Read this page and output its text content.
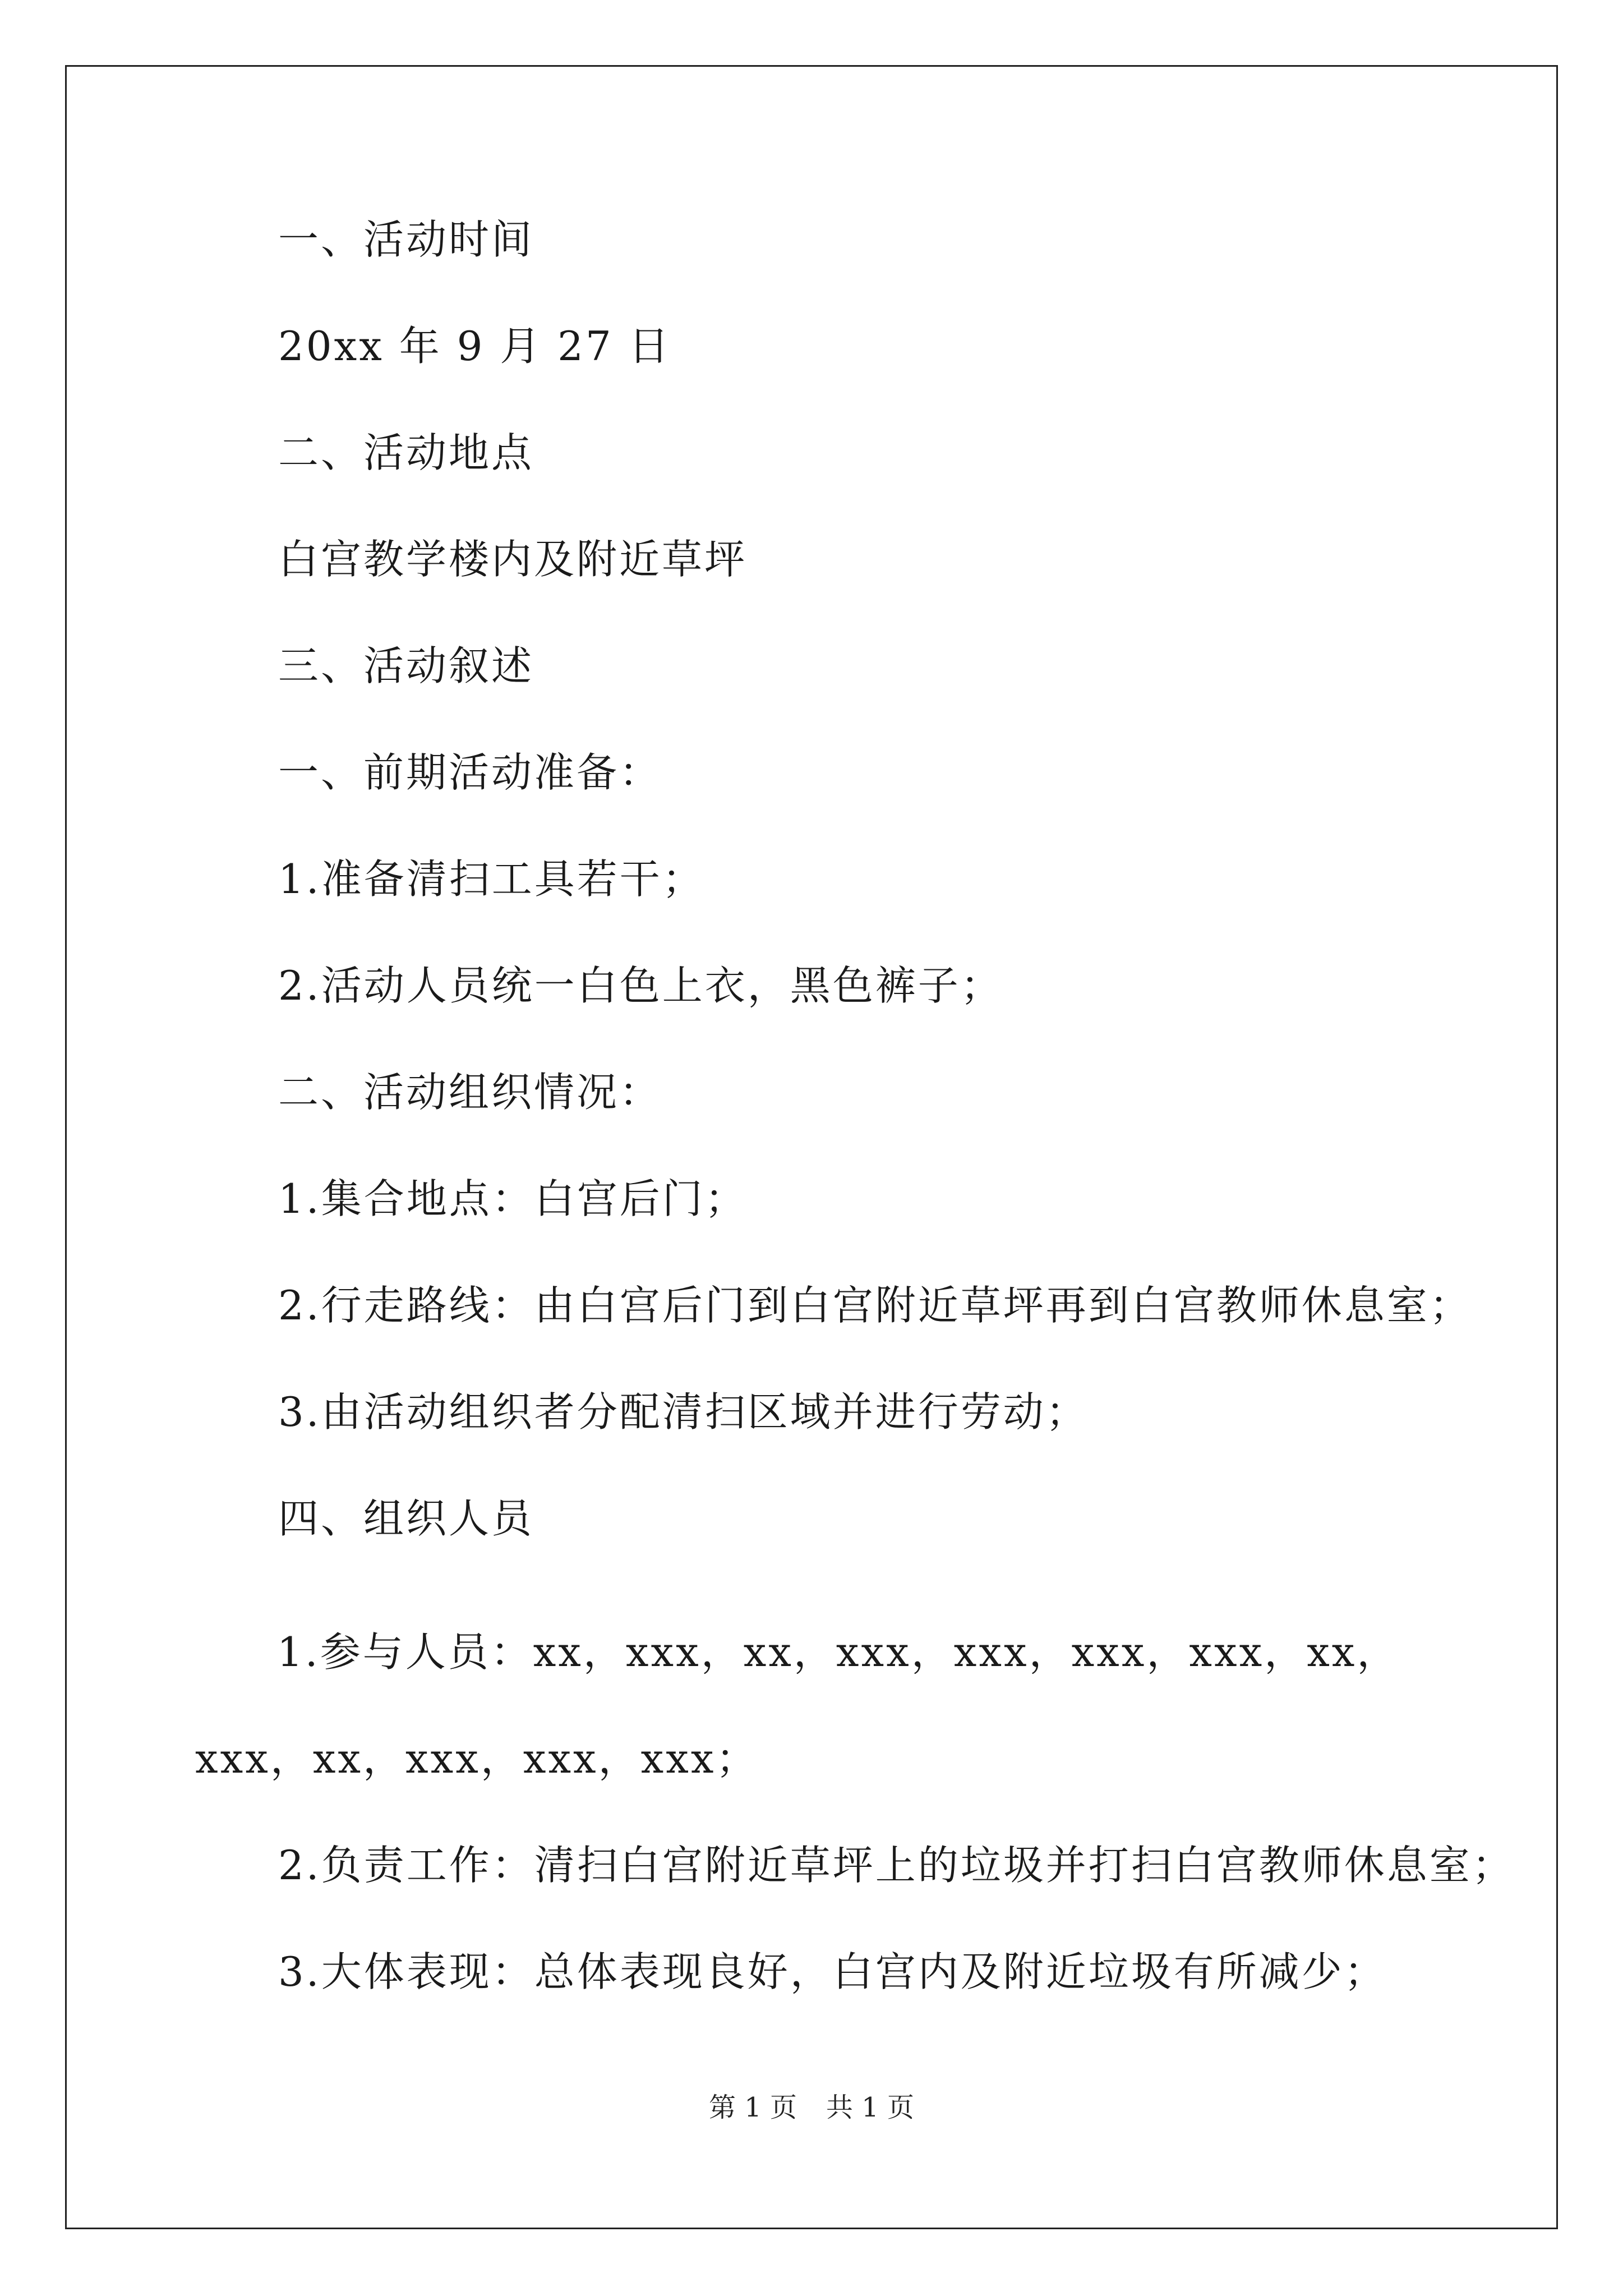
一、活动时间

20xx 年 9 月 27 日

二、活动地点

白宫教学楼内及附近草坪

三、活动叙述

一、前期活动准备：

1.准备清扫工具若干；

2.活动人员统一白色上衣，黑色裤子；

二、活动组织情况：

1.集合地点：白宫后门；

2.行走路线：由白宫后门到白宫附近草坪再到白宫教师休息室；

3.由活动组织者分配清扫区域并进行劳动；

四、组织人员

1.参与人员：xx，xxx，xx，xxx，xxx，xxx，xxx，xx，xxx，xx，xxx，xxx，xxx；

2.负责工作：清扫白宫附近草坪上的垃圾并打扫白宫教师休息室；

3.大体表现：总体表现良好，白宫内及附近垃圾有所减少；

第 1 页 共 1 页
